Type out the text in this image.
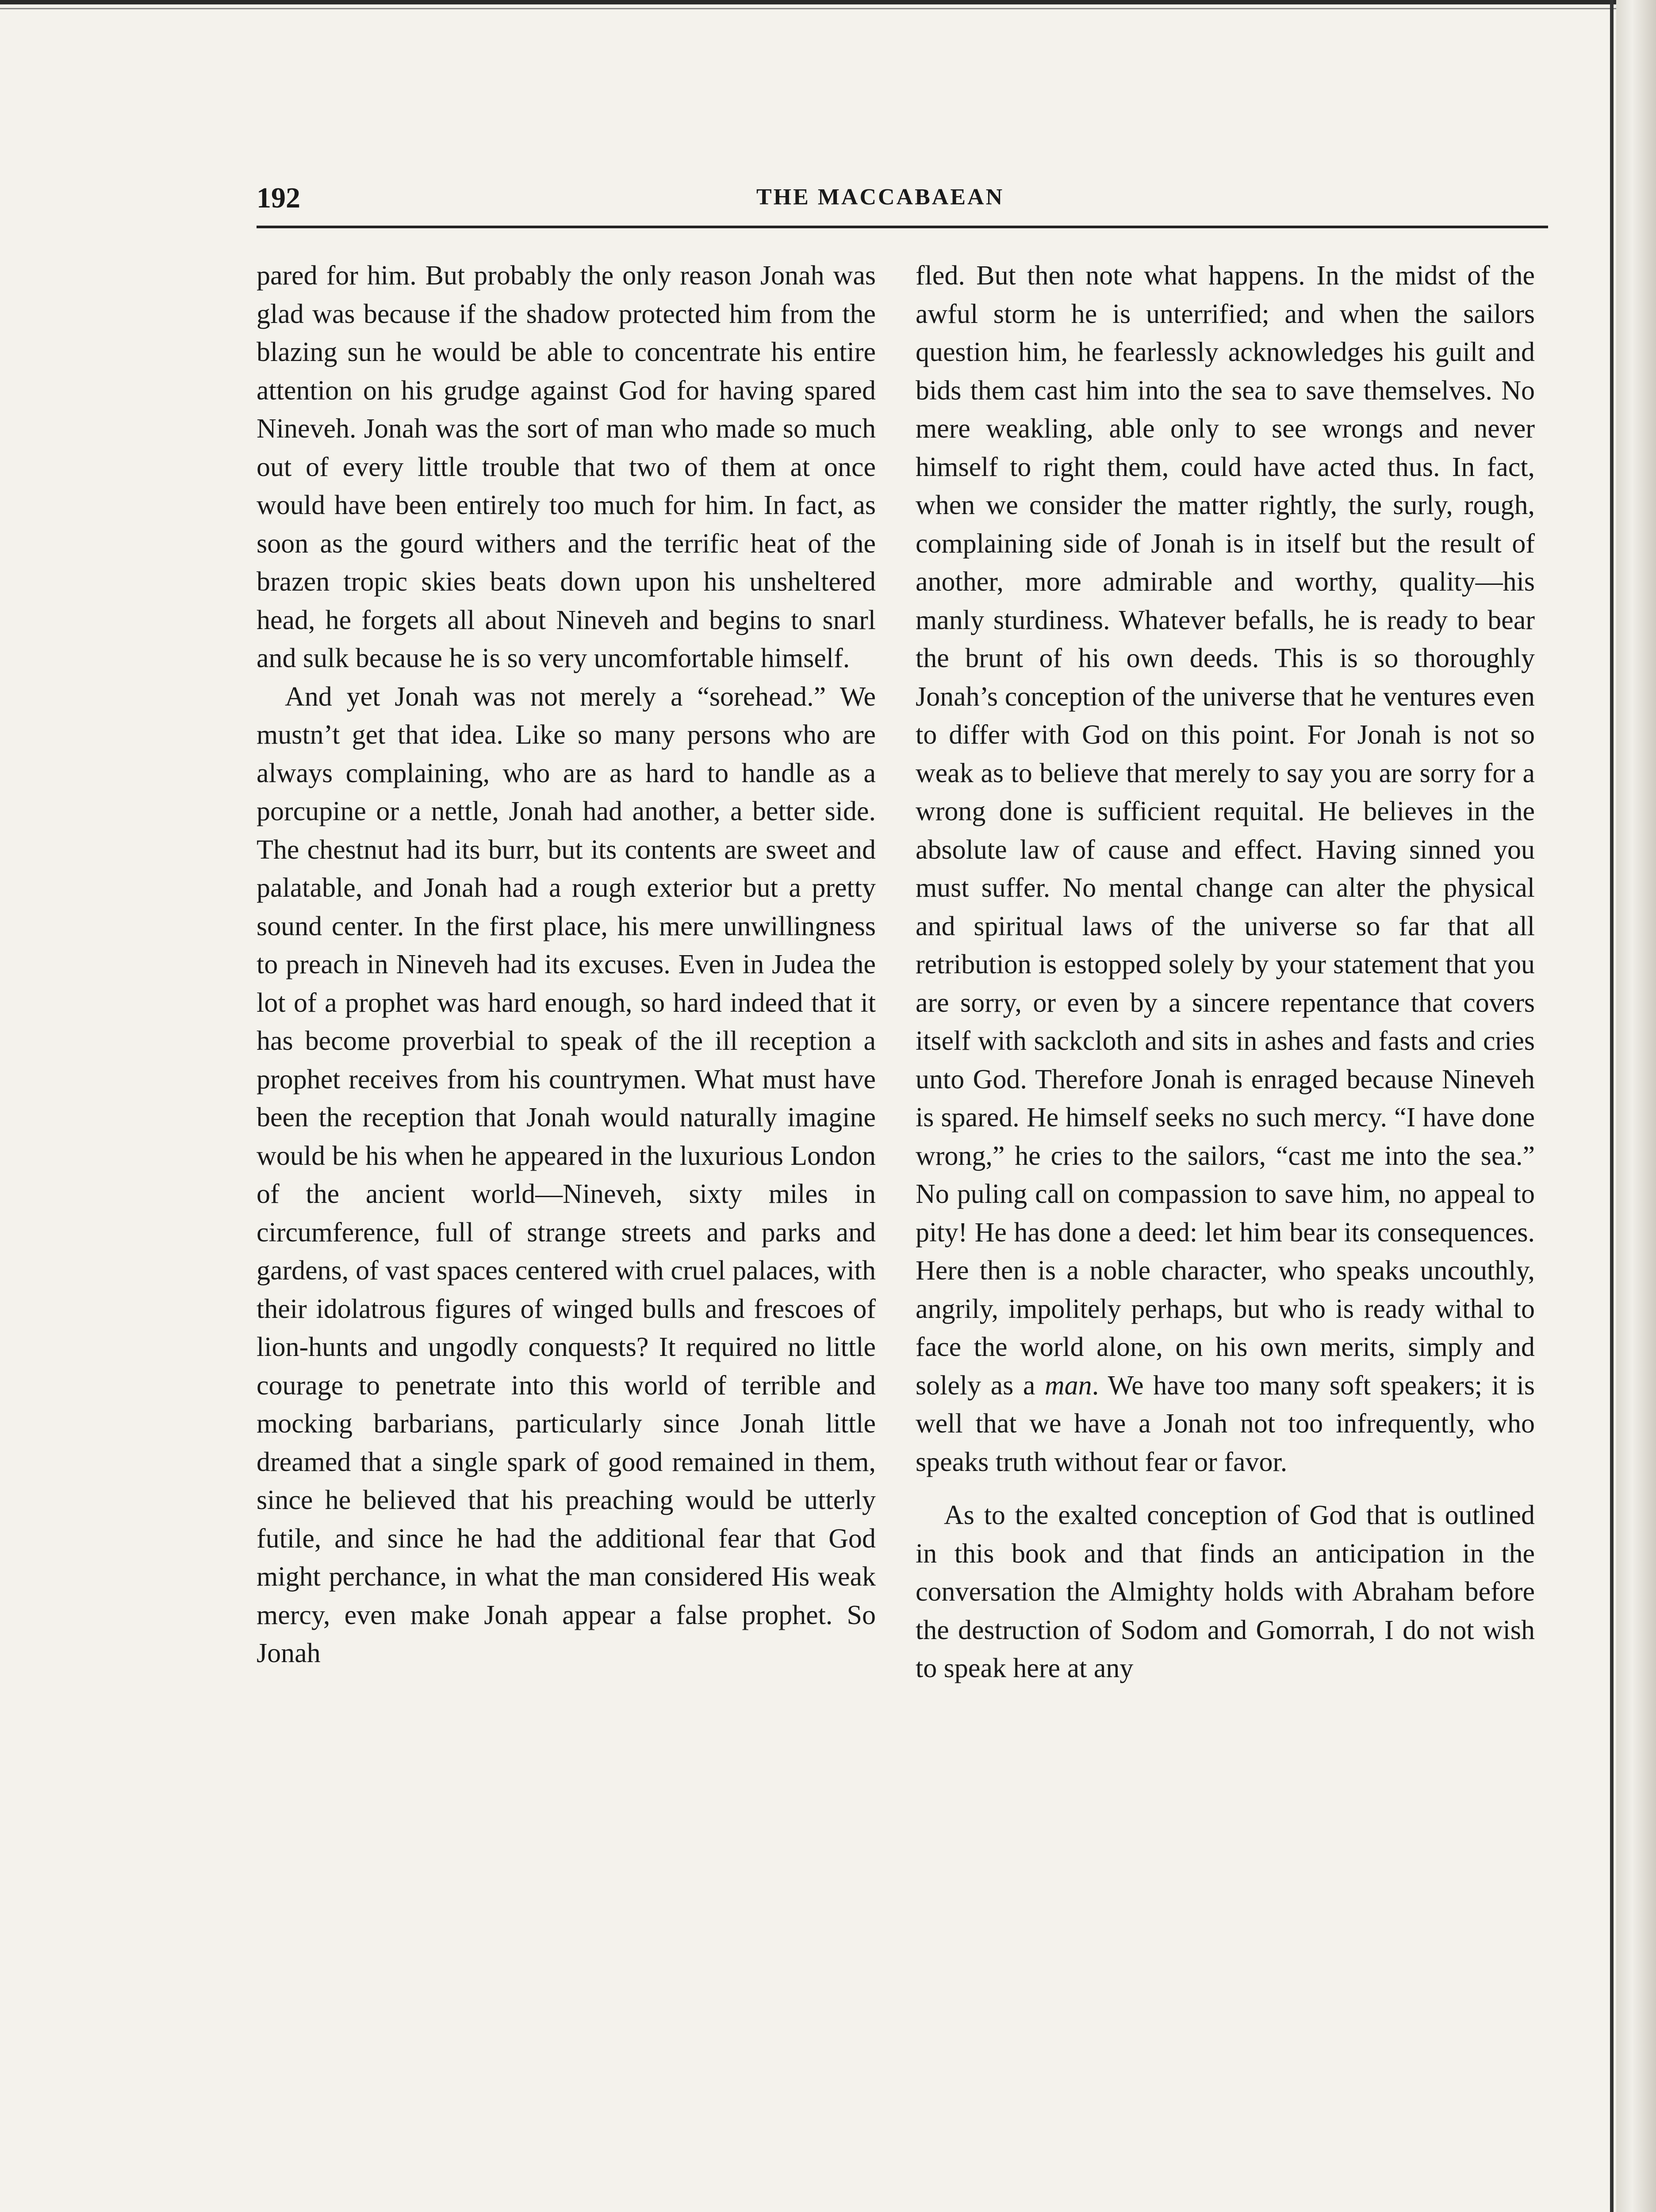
192	THE MACCABAEAN

pared for him. But probably the only reason Jonah was glad was because if the shadow protected him from the blazing sun he would be able to concentrate his entire attention on his grudge against God for having spared Nineveh. Jonah was the sort of man who made so much out of every little trouble that two of them at once would have been entirely too much for him. In fact, as soon as the gourd withers and the terrific heat of the brazen tropic skies beats down upon his unsheltered head, he forgets all about Nineveh and begins to snarl and sulk because he is so very uncomfortable himself.

And yet Jonah was not merely a “sorehead.” We mustn’t get that idea. Like so many persons who are always complaining, who are as hard to handle as a porcupine or a nettle, Jonah had another, a better side. The chestnut had its burr, but its contents are sweet and palatable, and Jonah had a rough exterior but a pretty sound center. In the first place, his mere unwillingness to preach in Nineveh had its excuses. Even in Judea the lot of a prophet was hard enough, so hard indeed that it has become proverbial to speak of the ill reception a prophet receives from his countrymen. What must have been the reception that Jonah would naturally imagine would be his when he appeared in the luxurious London of the ancient world—Nineveh, sixty miles in circumference, full of strange streets and parks and gardens, of vast spaces centered with cruel palaces, with their idolatrous figures of winged bulls and frescoes of lion-hunts and ungodly conquests? It required no little courage to penetrate into this world of terrible and mocking barbarians, particularly since Jonah little dreamed that a single spark of good remained in them, since he believed that his preaching would be utterly futile, and since he had the additional fear that God might perchance, in what the man considered His weak mercy, even make Jonah appear a false prophet. So Jonah

fled. But then note what happens. In the midst of the awful storm he is unterrified; and when the sailors question him, he fearlessly acknowledges his guilt and bids them cast him into the sea to save themselves. No mere weakling, able only to see wrongs and never himself to right them, could have acted thus. In fact, when we consider the matter rightly, the surly, rough, complaining side of Jonah is in itself but the result of another, more admirable and worthy, quality—his manly sturdiness. Whatever befalls, he is ready to bear the brunt of his own deeds. This is so thoroughly Jonah’s conception of the universe that he ventures even to differ with God on this point. For Jonah is not so weak as to believe that merely to say you are sorry for a wrong done is sufficient requital. He believes in the absolute law of cause and effect. Having sinned you must suffer. No mental change can alter the physical and spiritual laws of the universe so far that all retribution is estopped solely by your statement that you are sorry, or even by a sincere repentance that covers itself with sackcloth and sits in ashes and fasts and cries unto God. Therefore Jonah is enraged because Nineveh is spared. He himself seeks no such mercy. “I have done wrong,” he cries to the sailors, “cast me into the sea.” No puling call on compassion to save him, no appeal to pity! He has done a deed: let him bear its consequences. Here then is a noble character, who speaks uncouthly, angrily, impolitely perhaps, but who is ready withal to face the world alone, on his own merits, simply and solely as a man. We have too many soft speakers; it is well that we have a Jonah not too infrequently, who speaks truth without fear or favor.

As to the exalted conception of God that is outlined in this book and that finds an anticipation in the conversation the Almighty holds with Abraham before the destruction of Sodom and Gomorrah, I do not wish to speak here at any
